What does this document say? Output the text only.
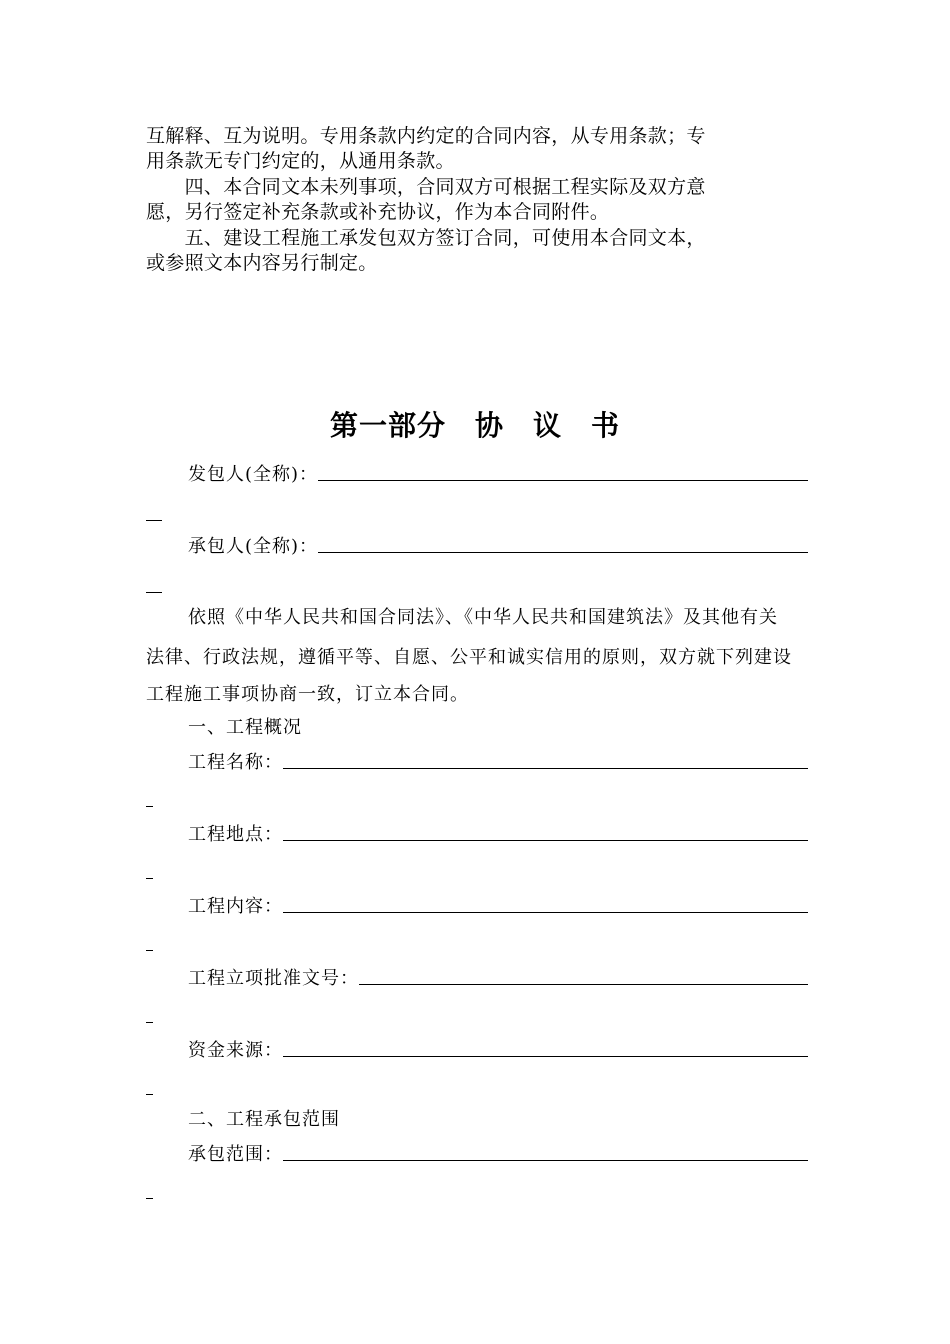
互解释、互为说明。专用条款内约定的合同内容，从专用条款；专
用条款无专门约定的，从通用条款。
　　四、本合同文本未列事项，合同双方可根据工程实际及双方意
愿，另行签定补充条款或补充协议，作为本合同附件。
　　五、建设工程施工承发包双方签订合同，可使用本合同文本，
或参照文本内容另行制定。
第一部分　协　议　书
发包人(全称)：
承包人(全称)：
依照《中华人民共和国合同法》、《中华人民共和国建筑法》及其他有关
法律、行政法规，遵循平等、自愿、公平和诚实信用的原则，双方就下列建设
工程施工事项协商一致，订立本合同。
一、工程概况
工程名称：
工程地点：
工程内容：
工程立项批准文号：
资金来源：
二、工程承包范围
承包范围：
